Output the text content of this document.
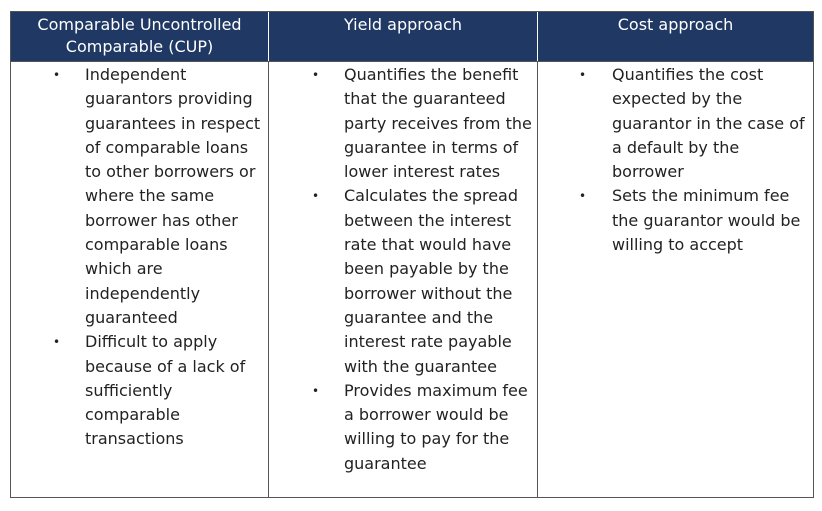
Comparable Uncontrolled Comparable (CUP)
Yield approach	Cost approach
• Independent guarantors providing guarantees in respect of comparable loans to other borrowers or where the same borrower has other comparable loans which are independently guaranteed
• Difficult to apply because of a lack of sufficiently comparable transactions
• Quantifies the benefit that the guaranteed party receives from the guarantee in terms of lower interest rates
• Calculates the spread between the interest rate that would have been payable by the borrower without the guarantee and the interest rate payable with the guarantee
• Provides maximum fee a borrower would be willing to pay for the guarantee
• Quantifies the cost expected by the guarantor in the case of a default by the borrower
• Sets the minimum fee the guarantor would be willing to accept
